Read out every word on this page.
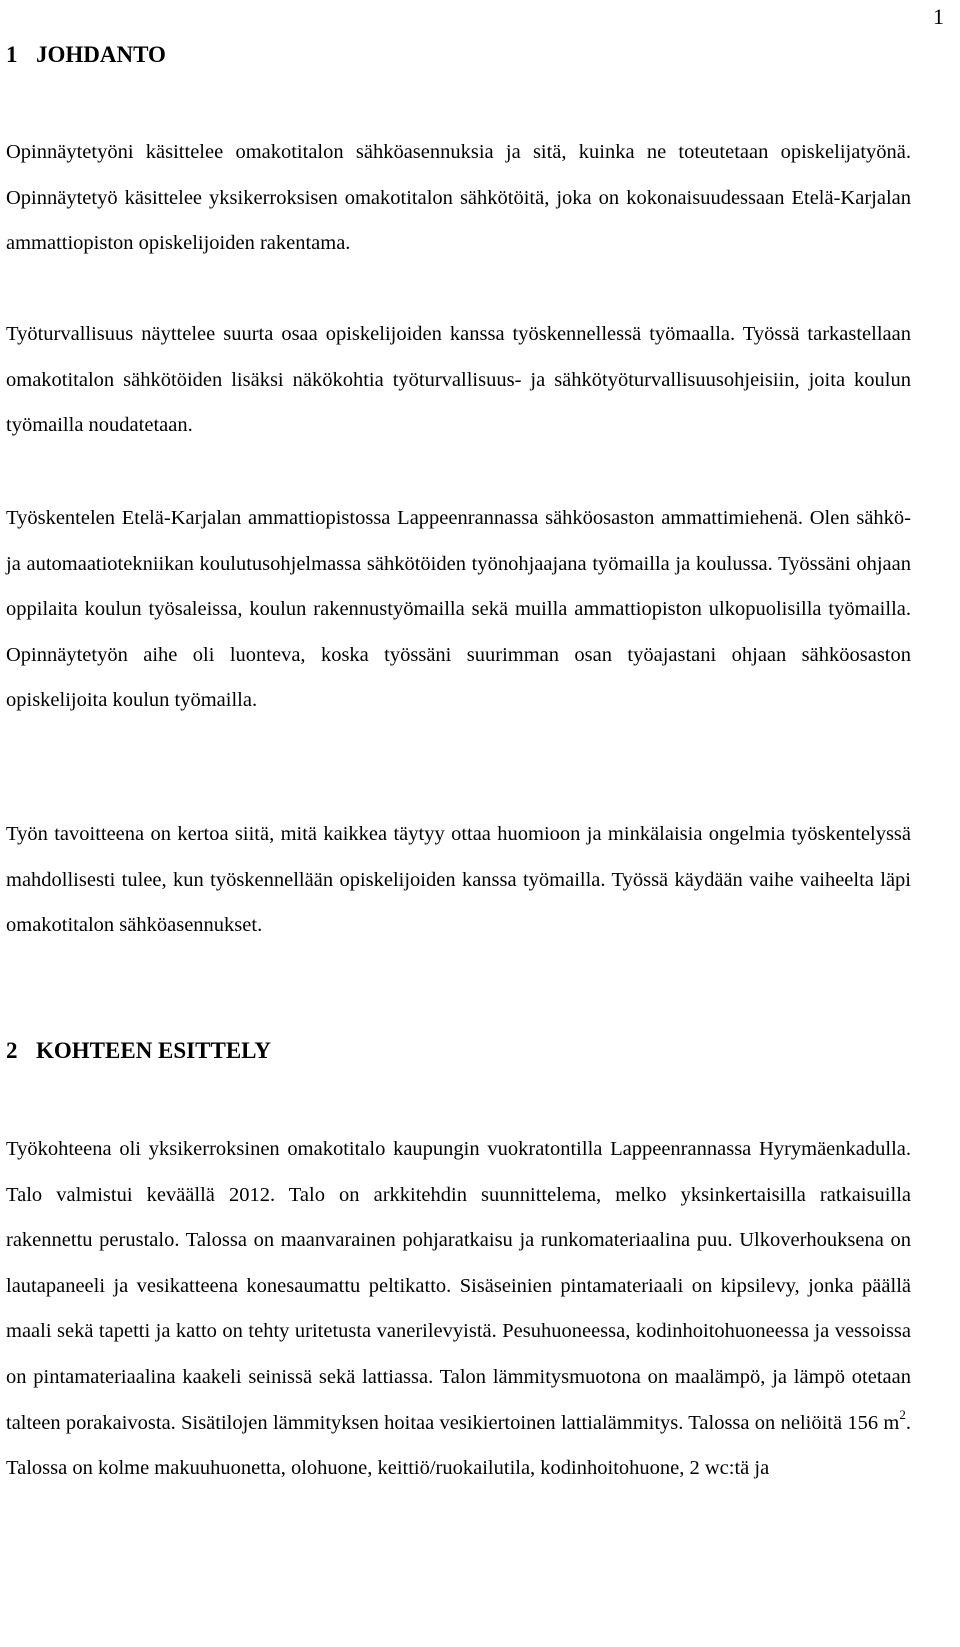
1
1 JOHDANTO

Opinnäytetyöni käsittelee omakotitalon sähköasennuksia ja sitä, kuinka ne toteutetaan opiskelijatyönä. Opinnäytetyö käsittelee yksikerroksisen omakotitalon sähkötöitä, joka on kokonaisuudessaan Etelä-Karjalan ammattiopiston opiskelijoiden rakentama.

Työturvallisuus näyttelee suurta osaa opiskelijoiden kanssa työskennellessä työmaalla. Työssä tarkastellaan omakotitalon sähkötöiden lisäksi näkökohtia työturvallisuus- ja sähkötyöturvallisuusohjeisiin, joita koulun työmailla noudatetaan.

Työskentelen Etelä-Karjalan ammattiopistossa Lappeenrannassa sähköosaston ammattimiehenä. Olen sähkö- ja automaatiotekniikan koulutusohjelmassa sähkötöiden työnohjaajana työmailla ja koulussa. Työssäni ohjaan oppilaita koulun työsaleissa, koulun rakennustyömailla sekä muilla ammattiopiston ulkopuolisilla työmailla. Opinnäytetyön aihe oli luonteva, koska työssäni suurimman osan työajastani ohjaan sähköosaston opiskelijoita koulun työmailla.

Työn tavoitteena on kertoa siitä, mitä kaikkea täytyy ottaa huomioon ja minkälaisia ongelmia työskentelyssä mahdollisesti tulee, kun työskennellään opiskelijoiden kanssa työmailla. Työssä käydään vaihe vaiheelta läpi omakotitalon sähköasennukset.

2 KOHTEEN ESITTELY

Työkohteena oli yksikerroksinen omakotitalo kaupungin vuokratontilla Lappeenrannassa Hyrymäenkadulla. Talo valmistui keväällä 2012. Talo on arkkitehdin suunnittelema, melko yksinkertaisilla ratkaisuilla rakennettu perustalo. Talossa on maanvarainen pohjaratkaisu ja runkomateriaalina puu. Ulkoverhouksena on lautapaneeli ja vesikatteena konesaumattu peltikatto. Sisäseinien pintamateriaali on kipsilevy, jonka päällä maali sekä tapetti ja katto on tehty uritetusta vanerilevyistä. Pesuhuoneessa, kodinhoitohuoneessa ja vessoissa on pintamateriaalina kaakeli seinissä sekä lattiassa. Talon lämmitysmuotona on maalämpö, ja lämpö otetaan talteen porakaivosta. Sisätilojen lämmityksen hoitaa vesikiertoinen lattialämmitys. Talossa on neliöitä 156 $m^2$. Talossa on kolme makuuhuonetta, olohuone, keittiö/ruokailutila, kodinhoitohuone, 2 wc:tä ja
